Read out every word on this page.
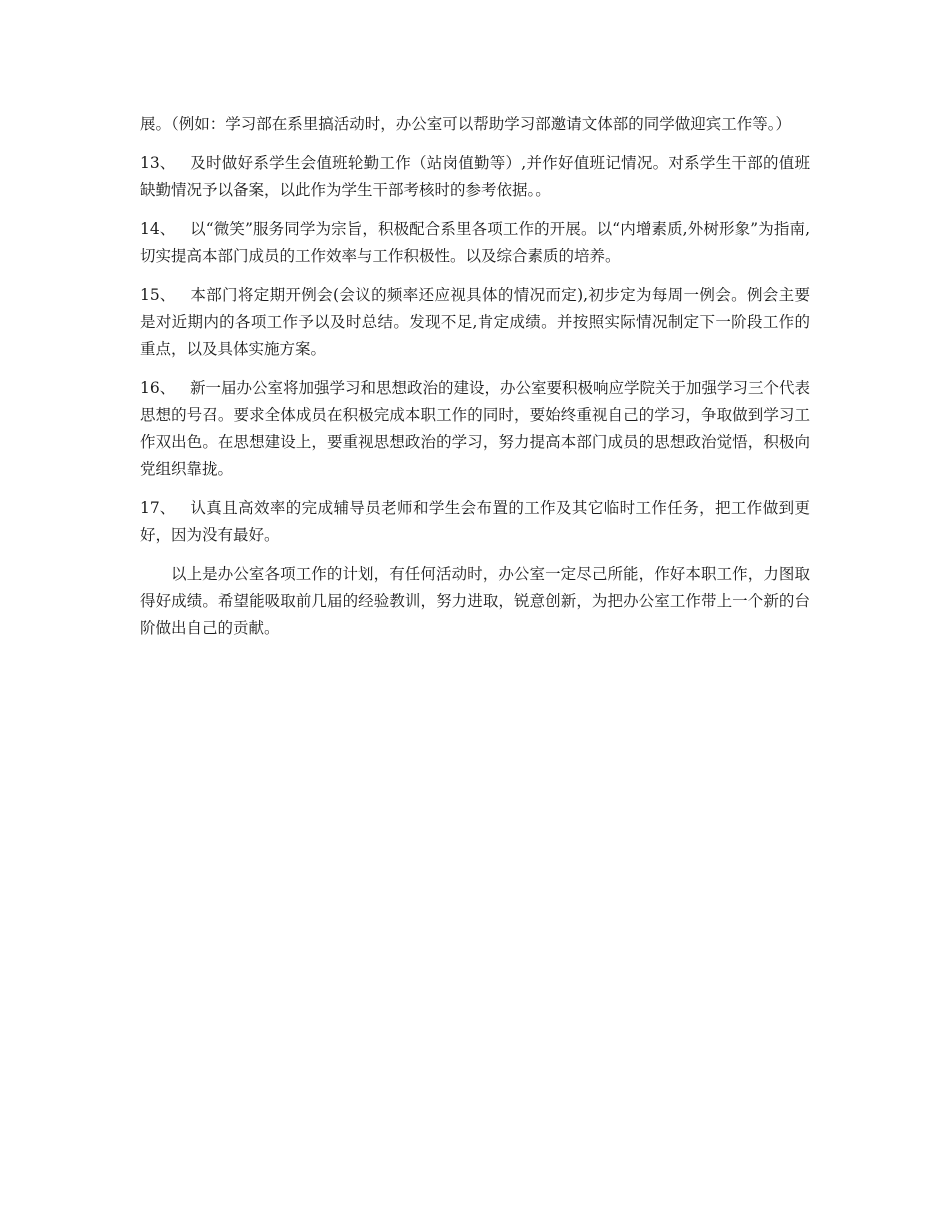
展。（例如：学习部在系里搞活动时，办公室可以帮助学习部邀请文体部的同学做迎宾工作等。）

13、 及时做好系学生会值班轮勤工作（站岗值勤等）,并作好值班记情况。对系学生干部的值班缺勤情况予以备案，以此作为学生干部考核时的参考依据。。

14、 以“微笑”服务同学为宗旨，积极配合系里各项工作的开展。以“内增素质,外树形象”为指南,切实提高本部门成员的工作效率与工作积极性。以及综合素质的培养。

15、 本部门将定期开例会(会议的频率还应视具体的情况而定),初步定为每周一例会。例会主要是对近期内的各项工作予以及时总结。发现不足,肯定成绩。并按照实际情况制定下一阶段工作的重点，以及具体实施方案。

16、 新一届办公室将加强学习和思想政治的建设，办公室要积极响应学院关于加强学习三个代表思想的号召。要求全体成员在积极完成本职工作的同时，要始终重视自己的学习，争取做到学习工作双出色。在思想建设上，要重视思想政治的学习，努力提高本部门成员的思想政治觉悟，积极向党组织靠拢。

17、 认真且高效率的完成辅导员老师和学生会布置的工作及其它临时工作任务，把工作做到更好，因为没有最好。

以上是办公室各项工作的计划，有任何活动时，办公室一定尽己所能，作好本职工作，力图取得好成绩。希望能吸取前几届的经验教训，努力进取，锐意创新，为把办公室工作带上一个新的台阶做出自己的贡献。
